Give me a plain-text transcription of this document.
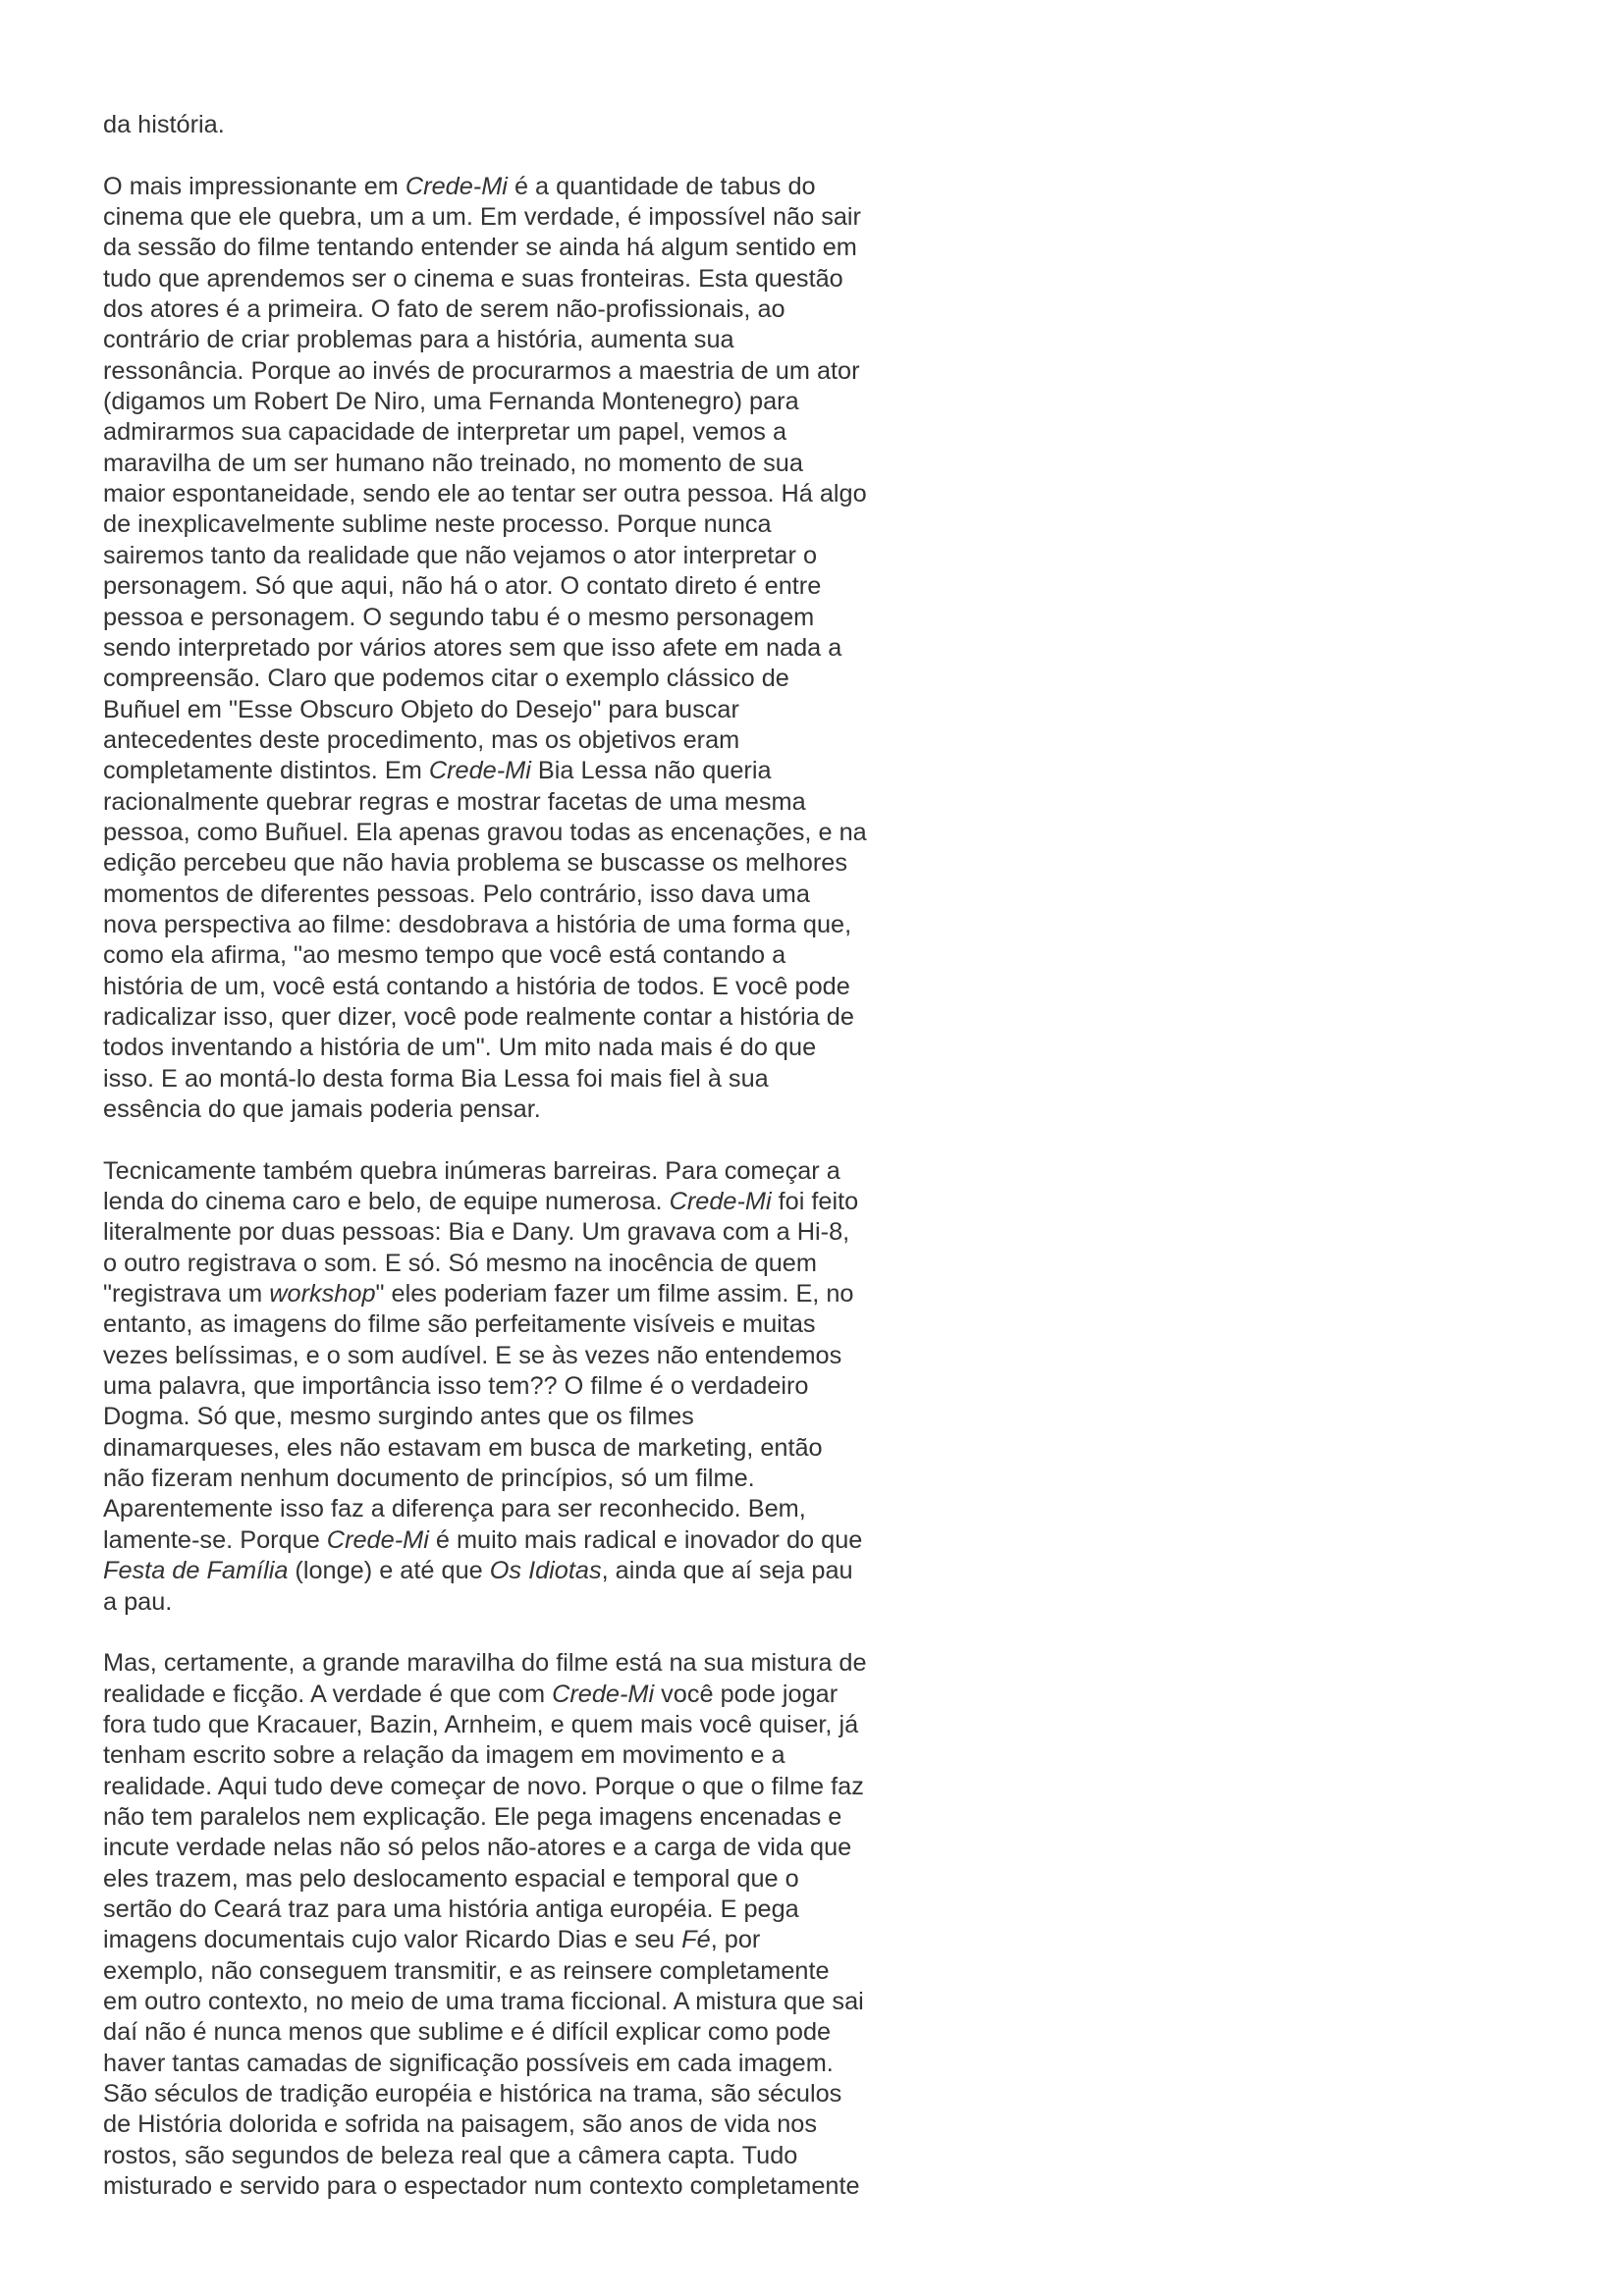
da história.
O mais impressionante em Crede-Mi é a quantidade de tabus do
cinema que ele quebra, um a um. Em verdade, é impossível não sair
da sessão do filme tentando entender se ainda há algum sentido em
tudo que aprendemos ser o cinema e suas fronteiras. Esta questão
dos atores é a primeira. O fato de serem não-profissionais, ao
contrário de criar problemas para a história, aumenta sua
ressonância. Porque ao invés de procurarmos a maestria de um ator
(digamos um Robert De Niro, uma Fernanda Montenegro) para
admirarmos sua capacidade de interpretar um papel, vemos a
maravilha de um ser humano não treinado, no momento de sua
maior espontaneidade, sendo ele ao tentar ser outra pessoa. Há algo
de inexplicavelmente sublime neste processo. Porque nunca
sairemos tanto da realidade que não vejamos o ator interpretar o
personagem. Só que aqui, não há o ator. O contato direto é entre
pessoa e personagem. O segundo tabu é o mesmo personagem
sendo interpretado por vários atores sem que isso afete em nada a
compreensão. Claro que podemos citar o exemplo clássico de
Buñuel em "Esse Obscuro Objeto do Desejo" para buscar
antecedentes deste procedimento, mas os objetivos eram
completamente distintos. Em Crede-Mi Bia Lessa não queria
racionalmente quebrar regras e mostrar facetas de uma mesma
pessoa, como Buñuel. Ela apenas gravou todas as encenações, e na
edição percebeu que não havia problema se buscasse os melhores
momentos de diferentes pessoas. Pelo contrário, isso dava uma
nova perspectiva ao filme: desdobrava a história de uma forma que,
como ela afirma, "ao mesmo tempo que você está contando a
história de um, você está contando a história de todos. E você pode
radicalizar isso, quer dizer, você pode realmente contar a história de
todos inventando a história de um". Um mito nada mais é do que
isso. E ao montá-lo desta forma Bia Lessa foi mais fiel à sua
essência do que jamais poderia pensar.
Tecnicamente também quebra inúmeras barreiras. Para começar a
lenda do cinema caro e belo, de equipe numerosa. Crede-Mi foi feito
literalmente por duas pessoas: Bia e Dany. Um gravava com a Hi-8,
o outro registrava o som. E só. Só mesmo na inocência de quem
"registrava um workshop" eles poderiam fazer um filme assim. E, no
entanto, as imagens do filme são perfeitamente visíveis e muitas
vezes belíssimas, e o som audível. E se às vezes não entendemos
uma palavra, que importância isso tem?? O filme é o verdadeiro
Dogma. Só que, mesmo surgindo antes que os filmes
dinamarqueses, eles não estavam em busca de marketing, então
não fizeram nenhum documento de princípios, só um filme.
Aparentemente isso faz a diferença para ser reconhecido. Bem,
lamente-se. Porque Crede-Mi é muito mais radical e inovador do que
Festa de Família (longe) e até que Os Idiotas, ainda que aí seja pau
a pau.
Mas, certamente, a grande maravilha do filme está na sua mistura de
realidade e ficção. A verdade é que com Crede-Mi você pode jogar
fora tudo que Kracauer, Bazin, Arnheim, e quem mais você quiser, já
tenham escrito sobre a relação da imagem em movimento e a
realidade. Aqui tudo deve começar de novo. Porque o que o filme faz
não tem paralelos nem explicação. Ele pega imagens encenadas e
incute verdade nelas não só pelos não-atores e a carga de vida que
eles trazem, mas pelo deslocamento espacial e temporal que o
sertão do Ceará traz para uma história antiga européia. E pega
imagens documentais cujo valor Ricardo Dias e seu Fé, por
exemplo, não conseguem transmitir, e as reinsere completamente
em outro contexto, no meio de uma trama ficcional. A mistura que sai
daí não é nunca menos que sublime e é difícil explicar como pode
haver tantas camadas de significação possíveis em cada imagem.
São séculos de tradição européia e histórica na trama, são séculos
de História dolorida e sofrida na paisagem, são anos de vida nos
rostos, são segundos de beleza real que a câmera capta. Tudo
misturado e servido para o espectador num contexto completamente
